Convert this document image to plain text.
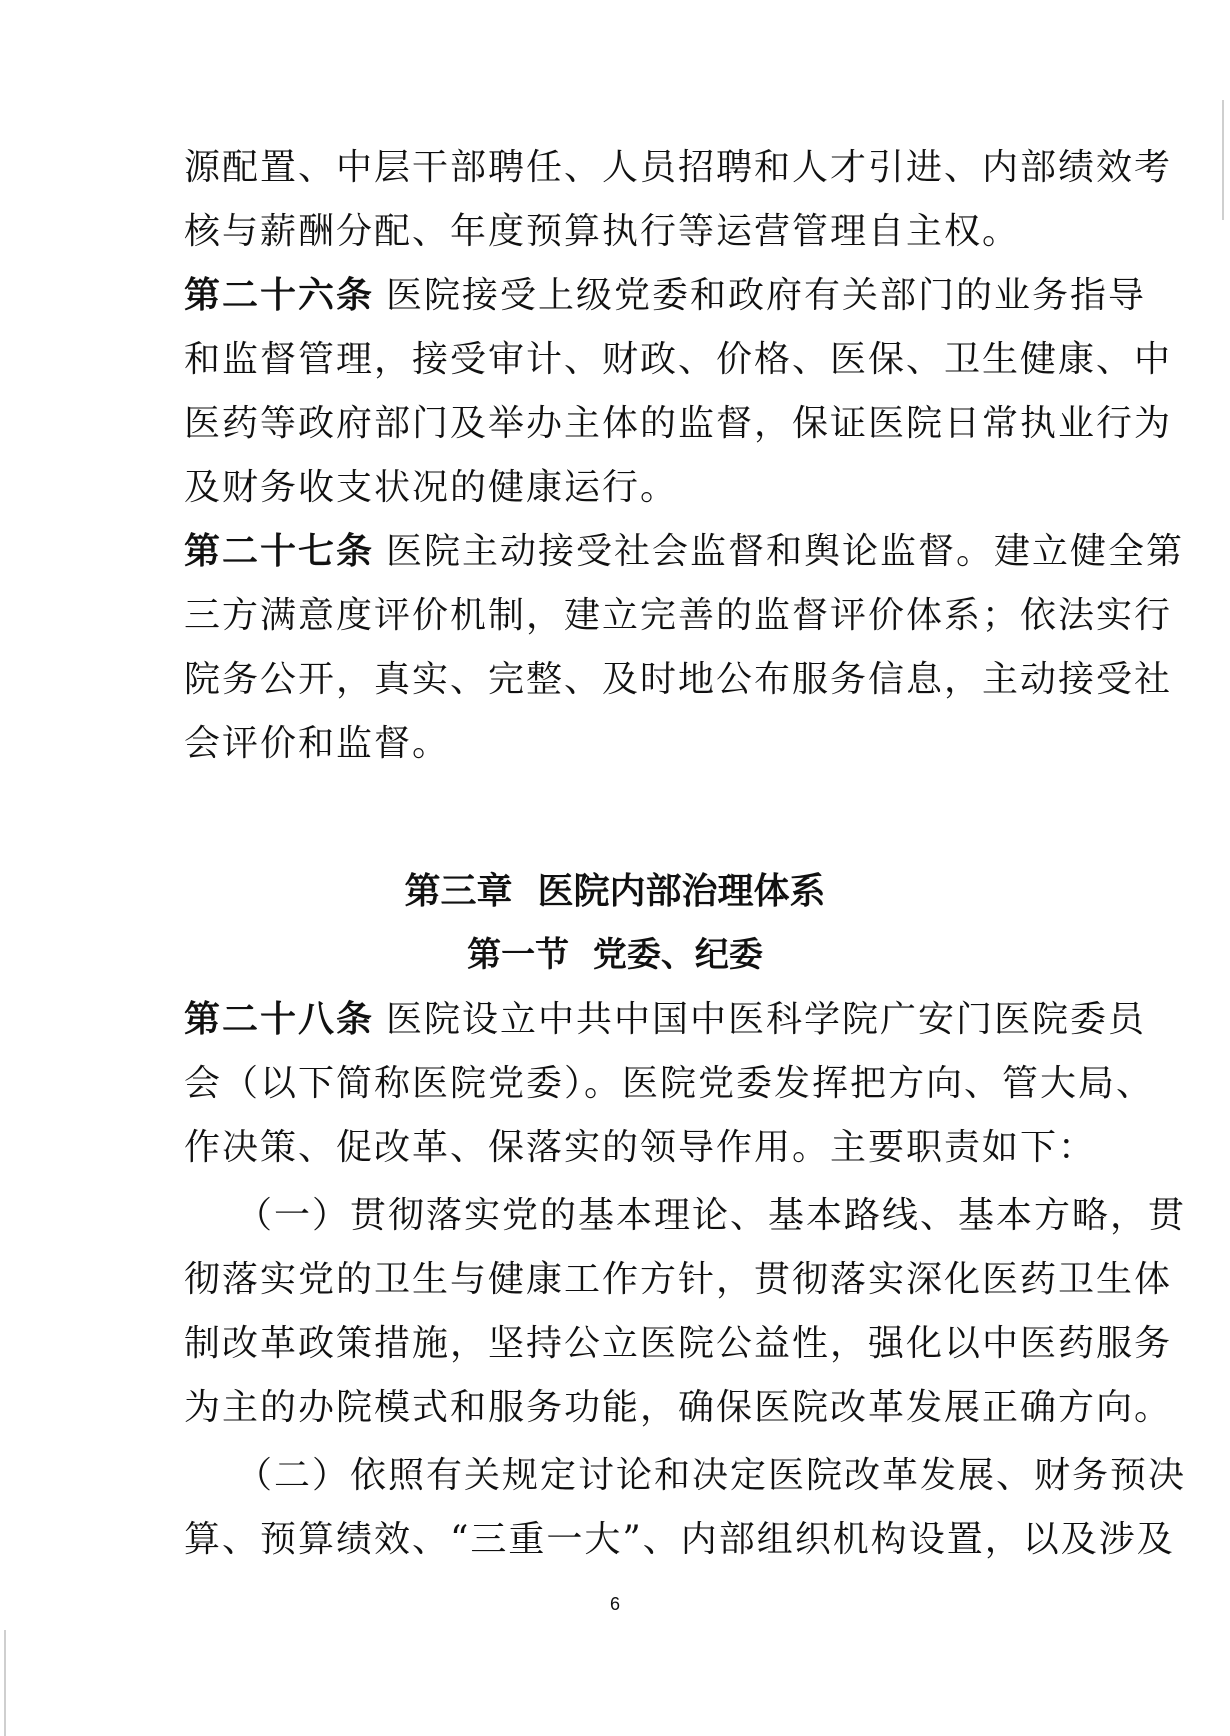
源配置、中层干部聘任、人员招聘和人才引进、内部绩效考
核与薪酬分配、年度预算执行等运营管理自主权。
第二十六条 医院接受上级党委和政府有关部门的业务指导
和监督管理，接受审计、财政、价格、医保、卫生健康、中
医药等政府部门及举办主体的监督，保证医院日常执业行为
及财务收支状况的健康运行。
第二十七条 医院主动接受社会监督和舆论监督。建立健全第
三方满意度评价机制，建立完善的监督评价体系；依法实行
院务公开，真实、完整、及时地公布服务信息，主动接受社
会评价和监督。
第三章  医院内部治理体系
第一节  党委、纪委
第二十八条 医院设立中共中国中医科学院广安门医院委员
会（以下简称医院党委）。医院党委发挥把方向、管大局、
作决策、促改革、保落实的领导作用。主要职责如下：
（一）贯彻落实党的基本理论、基本路线、基本方略，贯
彻落实党的卫生与健康工作方针，贯彻落实深化医药卫生体
制改革政策措施，坚持公立医院公益性，强化以中医药服务
为主的办院模式和服务功能，确保医院改革发展正确方向。
（二）依照有关规定讨论和决定医院改革发展、财务预决
算、预算绩效、“三重一大”、内部组织机构设置，以及涉及
6
